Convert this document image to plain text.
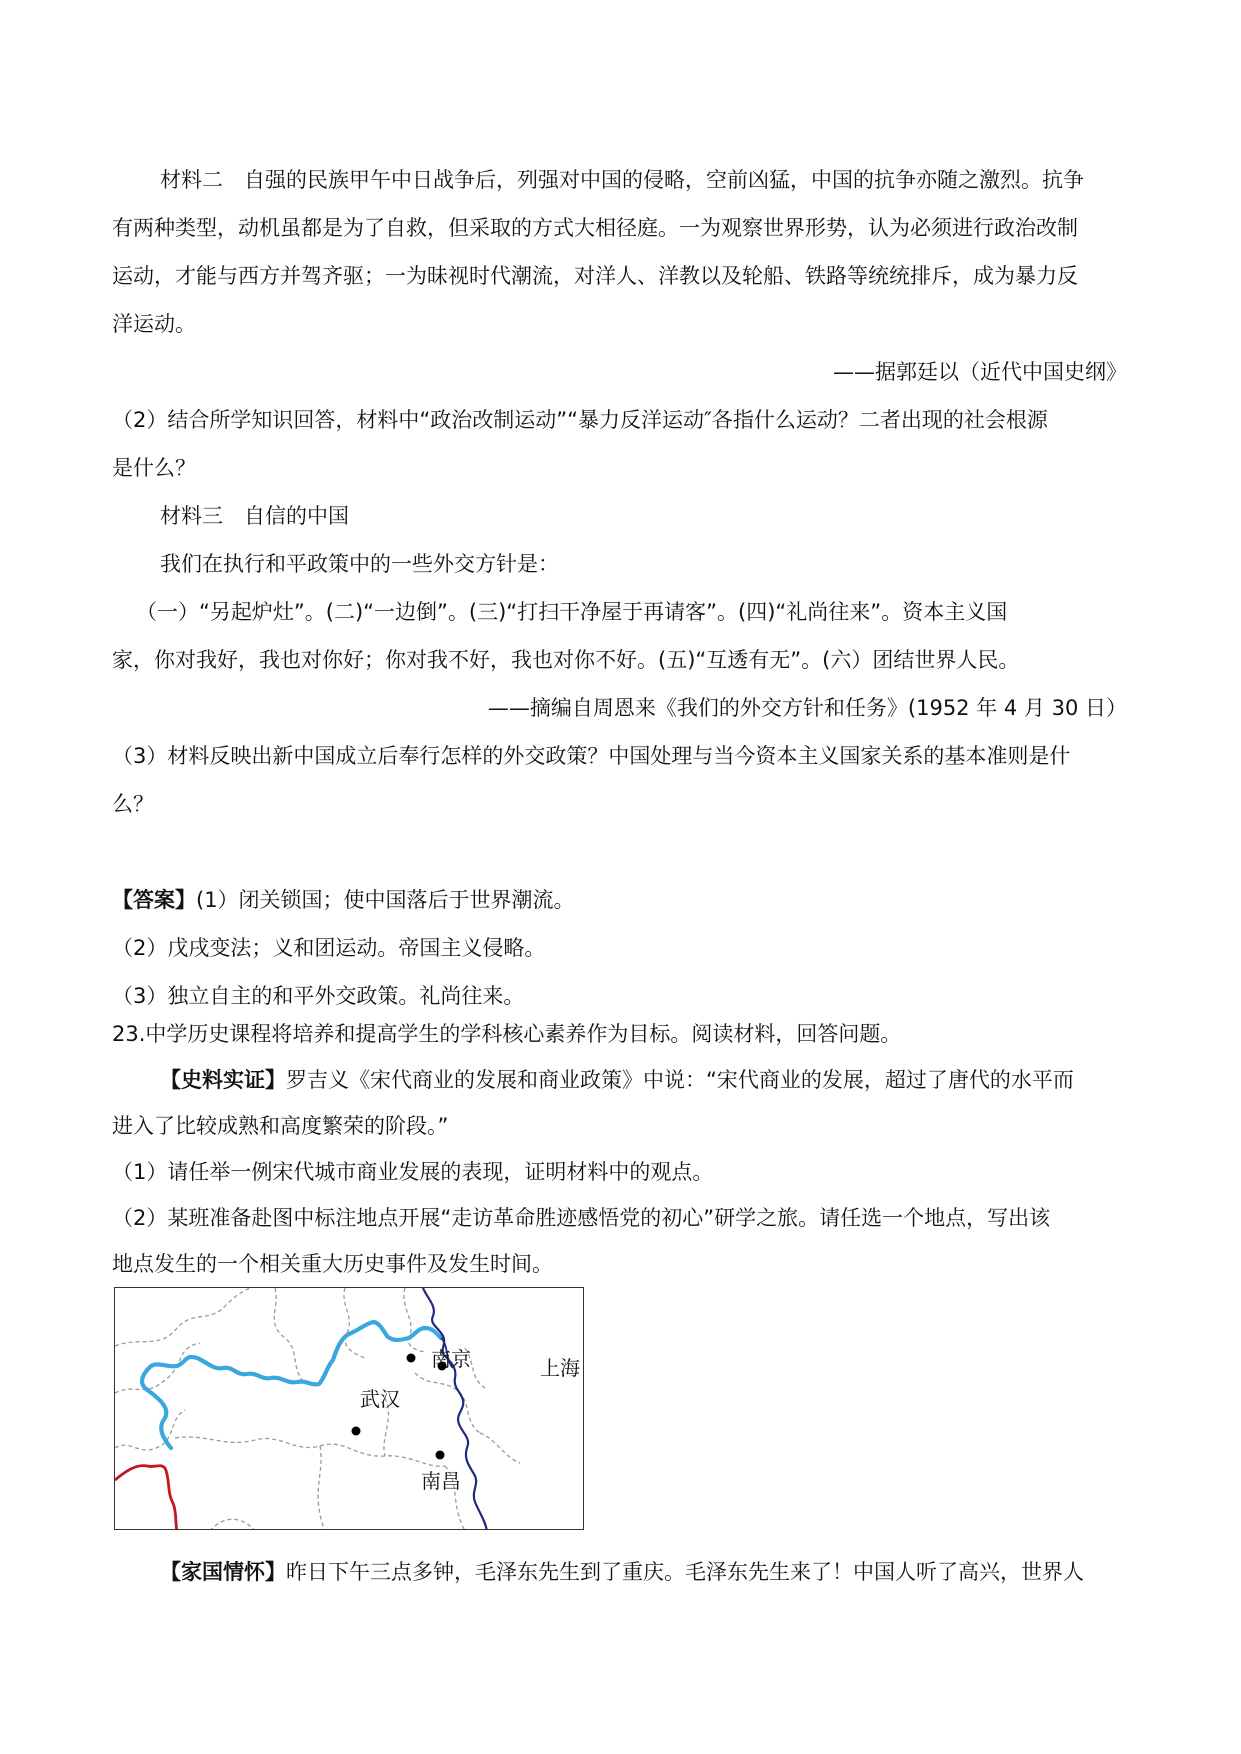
材料二　自强的民族甲午中日战争后，列强对中国的侵略，空前凶猛，中国的抗争亦随之激烈。抗争
有两种类型，动机虽都是为了自救，但采取的方式大相径庭。一为观察世界形势，认为必须进行政治改制
运动，才能与西方并驾齐驱；一为昧视时代潮流，对洋人、洋教以及轮船、铁路等统统排斥，成为暴力反
洋运动。
——据郭廷以（近代中国史纲》
（2）结合所学知识回答，材料中“政治改制运动”“暴力反洋运动″各指什么运动？二者出现的社会根源
是什么？
材料三　自信的中国
我们在执行和平政策中的一些外交方针是：
（一）“另起炉灶”。(二)“一边倒”。(三)“打扫干净屋于再请客”。(四)“礼尚往来”。资本主义国
家，你对我好，我也对你好；你对我不好，我也对你不好。(五)“互透有无”。(六）团结世界人民。
——摘编自周恩来《我们的外交方针和任务》(1952 年 4 月 30 日）
（3）材料反映出新中国成立后奉行怎样的外交政策？中国处理与当今资本主义国家关系的基本准则是什
么？
【答案】(1）闭关锁国；使中国落后于世界潮流。
（2）戊戌变法；义和团运动。帝国主义侵略。
（3）独立自主的和平外交政策。礼尚往来。
23.中学历史课程将培养和提高学生的学科核心素养作为目标。阅读材料，回答问题。
【史料实证】罗吉义《宋代商业的发展和商业政策》中说：“宋代商业的发展，超过了唐代的水平而
进入了比较成熟和高度繁荣的阶段。”
（1）请任举一例宋代城市商业发展的表现，证明材料中的观点。
（2）某班准备赴图中标注地点开展“走访革命胜迹感悟党的初心”研学之旅。请任选一个地点，写出该
南京
武汉
上海
南昌
【家国情怀】昨日下午三点多钟，毛泽东先生到了重庆。毛泽东先生来了！中国人听了高兴，世界人
地点发生的一个相关重大历史事件及发生时间。
